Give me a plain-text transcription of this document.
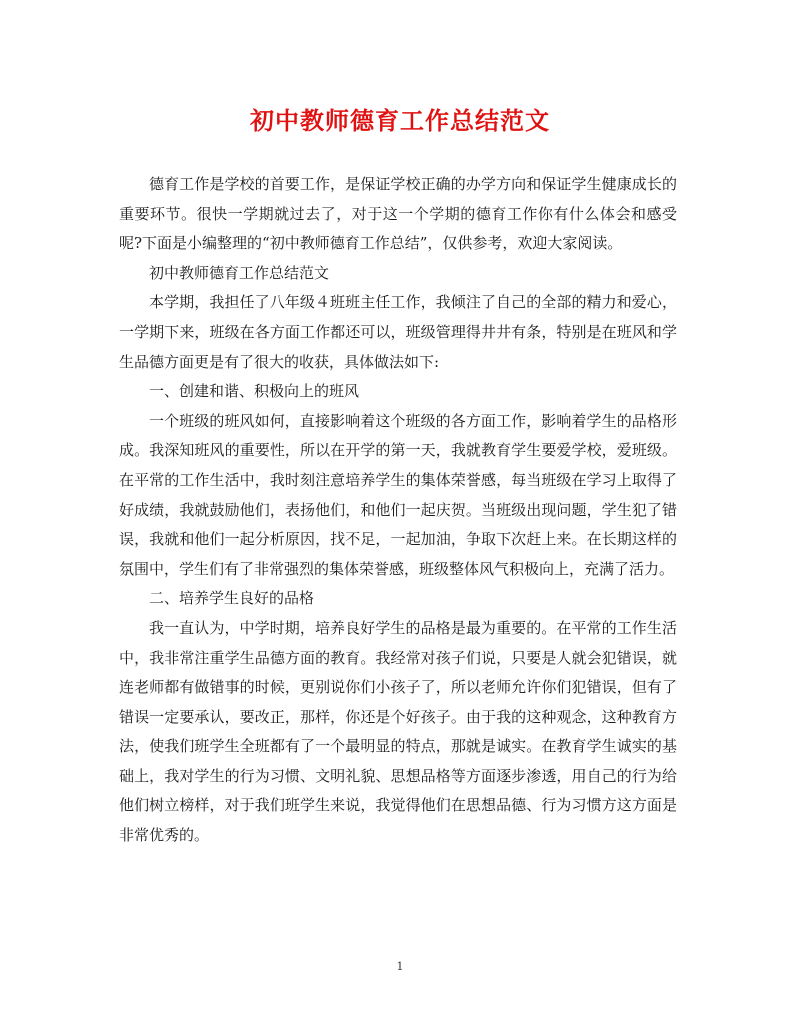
初中教师德育工作总结范文

德育工作是学校的首要工作，是保证学校正确的办学方向和保证学生健康成长的重要环节。很快一学期就过去了，对于这一个学期的德育工作你有什么体会和感受呢?下面是小编整理的“初中教师德育工作总结”，仅供参考，欢迎大家阅读。

初中教师德育工作总结范文

本学期，我担任了八年级４班班主任工作，我倾注了自己的全部的精力和爱心，一学期下来，班级在各方面工作都还可以，班级管理得井井有条，特别是在班风和学生品德方面更是有了很大的收获，具体做法如下:

一、创建和谐、积极向上的班风

一个班级的班风如何，直接影响着这个班级的各方面工作，影响着学生的品格形成。我深知班风的重要性，所以在开学的第一天，我就教育学生要爱学校，爱班级。在平常的工作生活中，我时刻注意培养学生的集体荣誉感，每当班级在学习上取得了好成绩，我就鼓励他们，表扬他们，和他们一起庆贺。当班级出现问题，学生犯了错误，我就和他们一起分析原因，找不足，一起加油，争取下次赶上来。在长期这样的氛围中，学生们有了非常强烈的集体荣誉感，班级整体风气积极向上，充满了活力。

二、培养学生良好的品格

我一直认为，中学时期，培养良好学生的品格是最为重要的。在平常的工作生活中，我非常注重学生品德方面的教育。我经常对孩子们说，只要是人就会犯错误，就连老师都有做错事的时候，更别说你们小孩子了，所以老师允许你们犯错误，但有了错误一定要承认，要改正，那样，你还是个好孩子。由于我的这种观念，这种教育方法，使我们班学生全班都有了一个最明显的特点，那就是诚实。在教育学生诚实的基础上，我对学生的行为习惯、文明礼貌、思想品格等方面逐步渗透，用自己的行为给他们树立榜样，对于我们班学生来说，我觉得他们在思想品德、行为习惯方这方面是非常优秀的。

1
